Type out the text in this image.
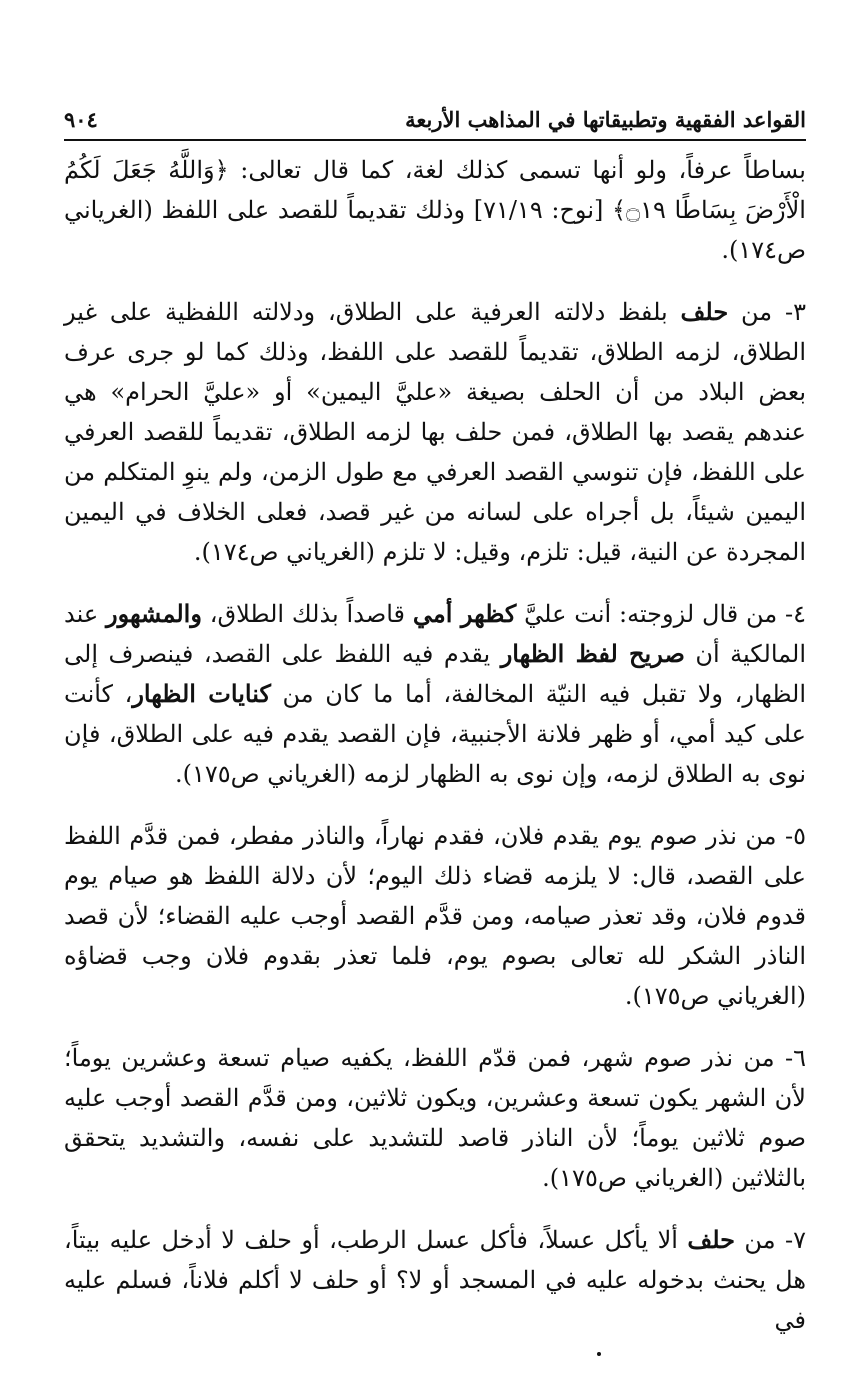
القواعد الفقهية وتطبيقاتها في المذاهب الأربعة
٩٠٤

بساطاً عرفاً، ولو أنها تسمى كذلك لغة، كما قال تعالى: ﴿وَاللَّهُ جَعَلَ لَكُمُ الْأَرْضَ بِسَاطًا ۝١٩﴾ [نوح: ٧١/١٩] وذلك تقديماً للقصد على اللفظ (الغرياني ص١٧٤).

٣- من حلف بلفظ دلالته العرفية على الطلاق، ودلالته اللفظية على غير الطلاق، لزمه الطلاق، تقديماً للقصد على اللفظ، وذلك كما لو جرى عرف بعض البلاد من أن الحلف بصيغة «عليَّ اليمين» أو «عليَّ الحرام» هي عندهم يقصد بها الطلاق، فمن حلف بها لزمه الطلاق، تقديماً للقصد العرفي على اللفظ، فإن تنوسي القصد العرفي مع طول الزمن، ولم ينوِ المتكلم من اليمين شيئاً، بل أجراه على لسانه من غير قصد، فعلى الخلاف في اليمين المجردة عن النية، قيل: تلزم، وقيل: لا تلزم (الغرياني ص١٧٤).

٤- من قال لزوجته: أنت عليَّ كظهر أمي قاصداً بذلك الطلاق، والمشهور عند المالكية أن صريح لفظ الظهار يقدم فيه اللفظ على القصد، فينصرف إلى الظهار، ولا تقبل فيه النيّة المخالفة، أما ما كان من كنايات الظهار، كأنت على كيد أمي، أو ظهر فلانة الأجنبية، فإن القصد يقدم فيه على الطلاق، فإن نوى به الطلاق لزمه، وإن نوى به الظهار لزمه (الغرياني ص١٧٥).

٥- من نذر صوم يوم يقدم فلان، فقدم نهاراً، والناذر مفطر، فمن قدَّم اللفظ على القصد، قال: لا يلزمه قضاء ذلك اليوم؛ لأن دلالة اللفظ هو صيام يوم قدوم فلان، وقد تعذر صيامه، ومن قدَّم القصد أوجب عليه القضاء؛ لأن قصد الناذر الشكر لله تعالى بصوم يوم، فلما تعذر بقدوم فلان وجب قضاؤه (الغرياني ص١٧٥).

٦- من نذر صوم شهر، فمن قدّم اللفظ، يكفيه صيام تسعة وعشرين يوماً؛ لأن الشهر يكون تسعة وعشرين، ويكون ثلاثين، ومن قدَّم القصد أوجب عليه صوم ثلاثين يوماً؛ لأن الناذر قاصد للتشديد على نفسه، والتشديد يتحقق بالثلاثين (الغرياني ص١٧٥).

٧- من حلف ألا يأكل عسلاً، فأكل عسل الرطب، أو حلف لا أدخل عليه بيتاً، هل يحنث بدخوله عليه في المسجد أو لا؟ أو حلف لا أكلم فلاناً، فسلم عليه في
